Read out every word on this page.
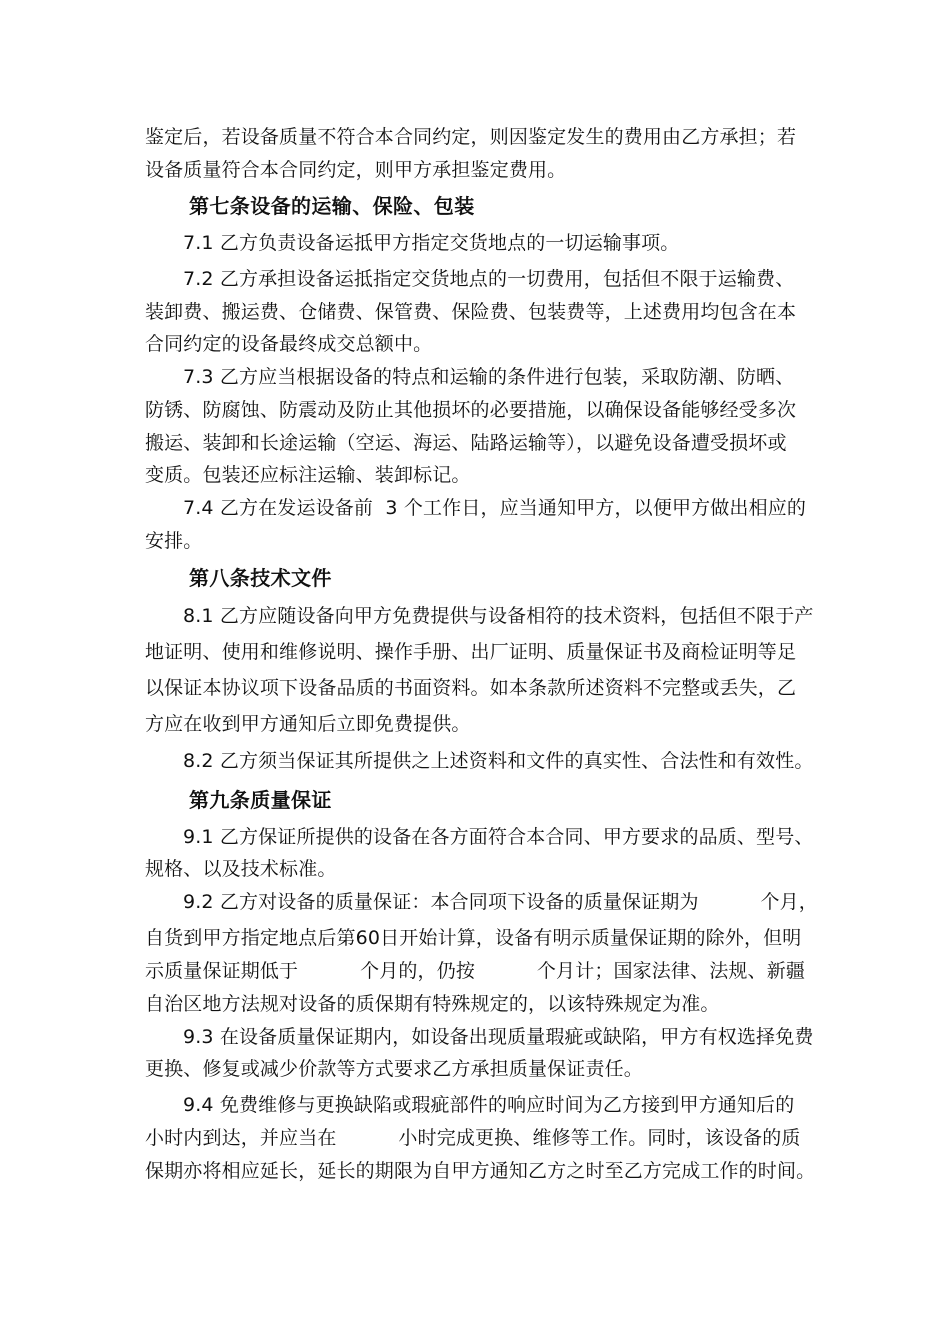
鉴定后，若设备质量不符合本合同约定，则因鉴定发生的费用由乙方承担；若
设备质量符合本合同约定，则甲方承担鉴定费用。
第七条设备的运输、保险、包装
7.1 乙方负责设备运抵甲方指定交货地点的一切运输事项。
7.2 乙方承担设备运抵指定交货地点的一切费用，包括但不限于运输费、
装卸费、搬运费、仓储费、保管费、保险费、包装费等，上述费用均包含在本
合同约定的设备最终成交总额中。
7.3 乙方应当根据设备的特点和运输的条件进行包装，采取防潮、防晒、
防锈、防腐蚀、防震动及防止其他损坏的必要措施，以确保设备能够经受多次
搬运、装卸和长途运输（空运、海运、陆路运输等），以避免设备遭受损坏或
变质。包装还应标注运输、装卸标记。
7.4 乙方在发运设备前  3 个工作日，应当通知甲方，以便甲方做出相应的
安排。
第八条技术文件
8.1 乙方应随设备向甲方免费提供与设备相符的技术资料，包括但不限于产
地证明、使用和维修说明、操作手册、出厂证明、质量保证书及商检证明等足
以保证本协议项下设备品质的书面资料。如本条款所述资料不完整或丢失，乙
方应在收到甲方通知后立即免费提供。
8.2 乙方须当保证其所提供之上述资料和文件的真实性、合法性和有效性。
第九条质量保证
9.1 乙方保证所提供的设备在各方面符合本合同、甲方要求的品质、型号、
规格、以及技术标准。
9.2 乙方对设备的质量保证：本合同项下设备的质量保证期为          个月，
自货到甲方指定地点后第60日开始计算，设备有明示质量保证期的除外，但明
示质量保证期低于          个月的，仍按          个月计；国家法律、法规、新疆
自治区地方法规对设备的质保期有特殊规定的，以该特殊规定为准。
9.3 在设备质量保证期内，如设备出现质量瑕疵或缺陷，甲方有权选择免费
更换、修复或减少价款等方式要求乙方承担质量保证责任。
9.4 免费维修与更换缺陷或瑕疵部件的响应时间为乙方接到甲方通知后的
小时内到达，并应当在          小时完成更换、维修等工作。同时，该设备的质
保期亦将相应延长，延长的期限为自甲方通知乙方之时至乙方完成工作的时间。
